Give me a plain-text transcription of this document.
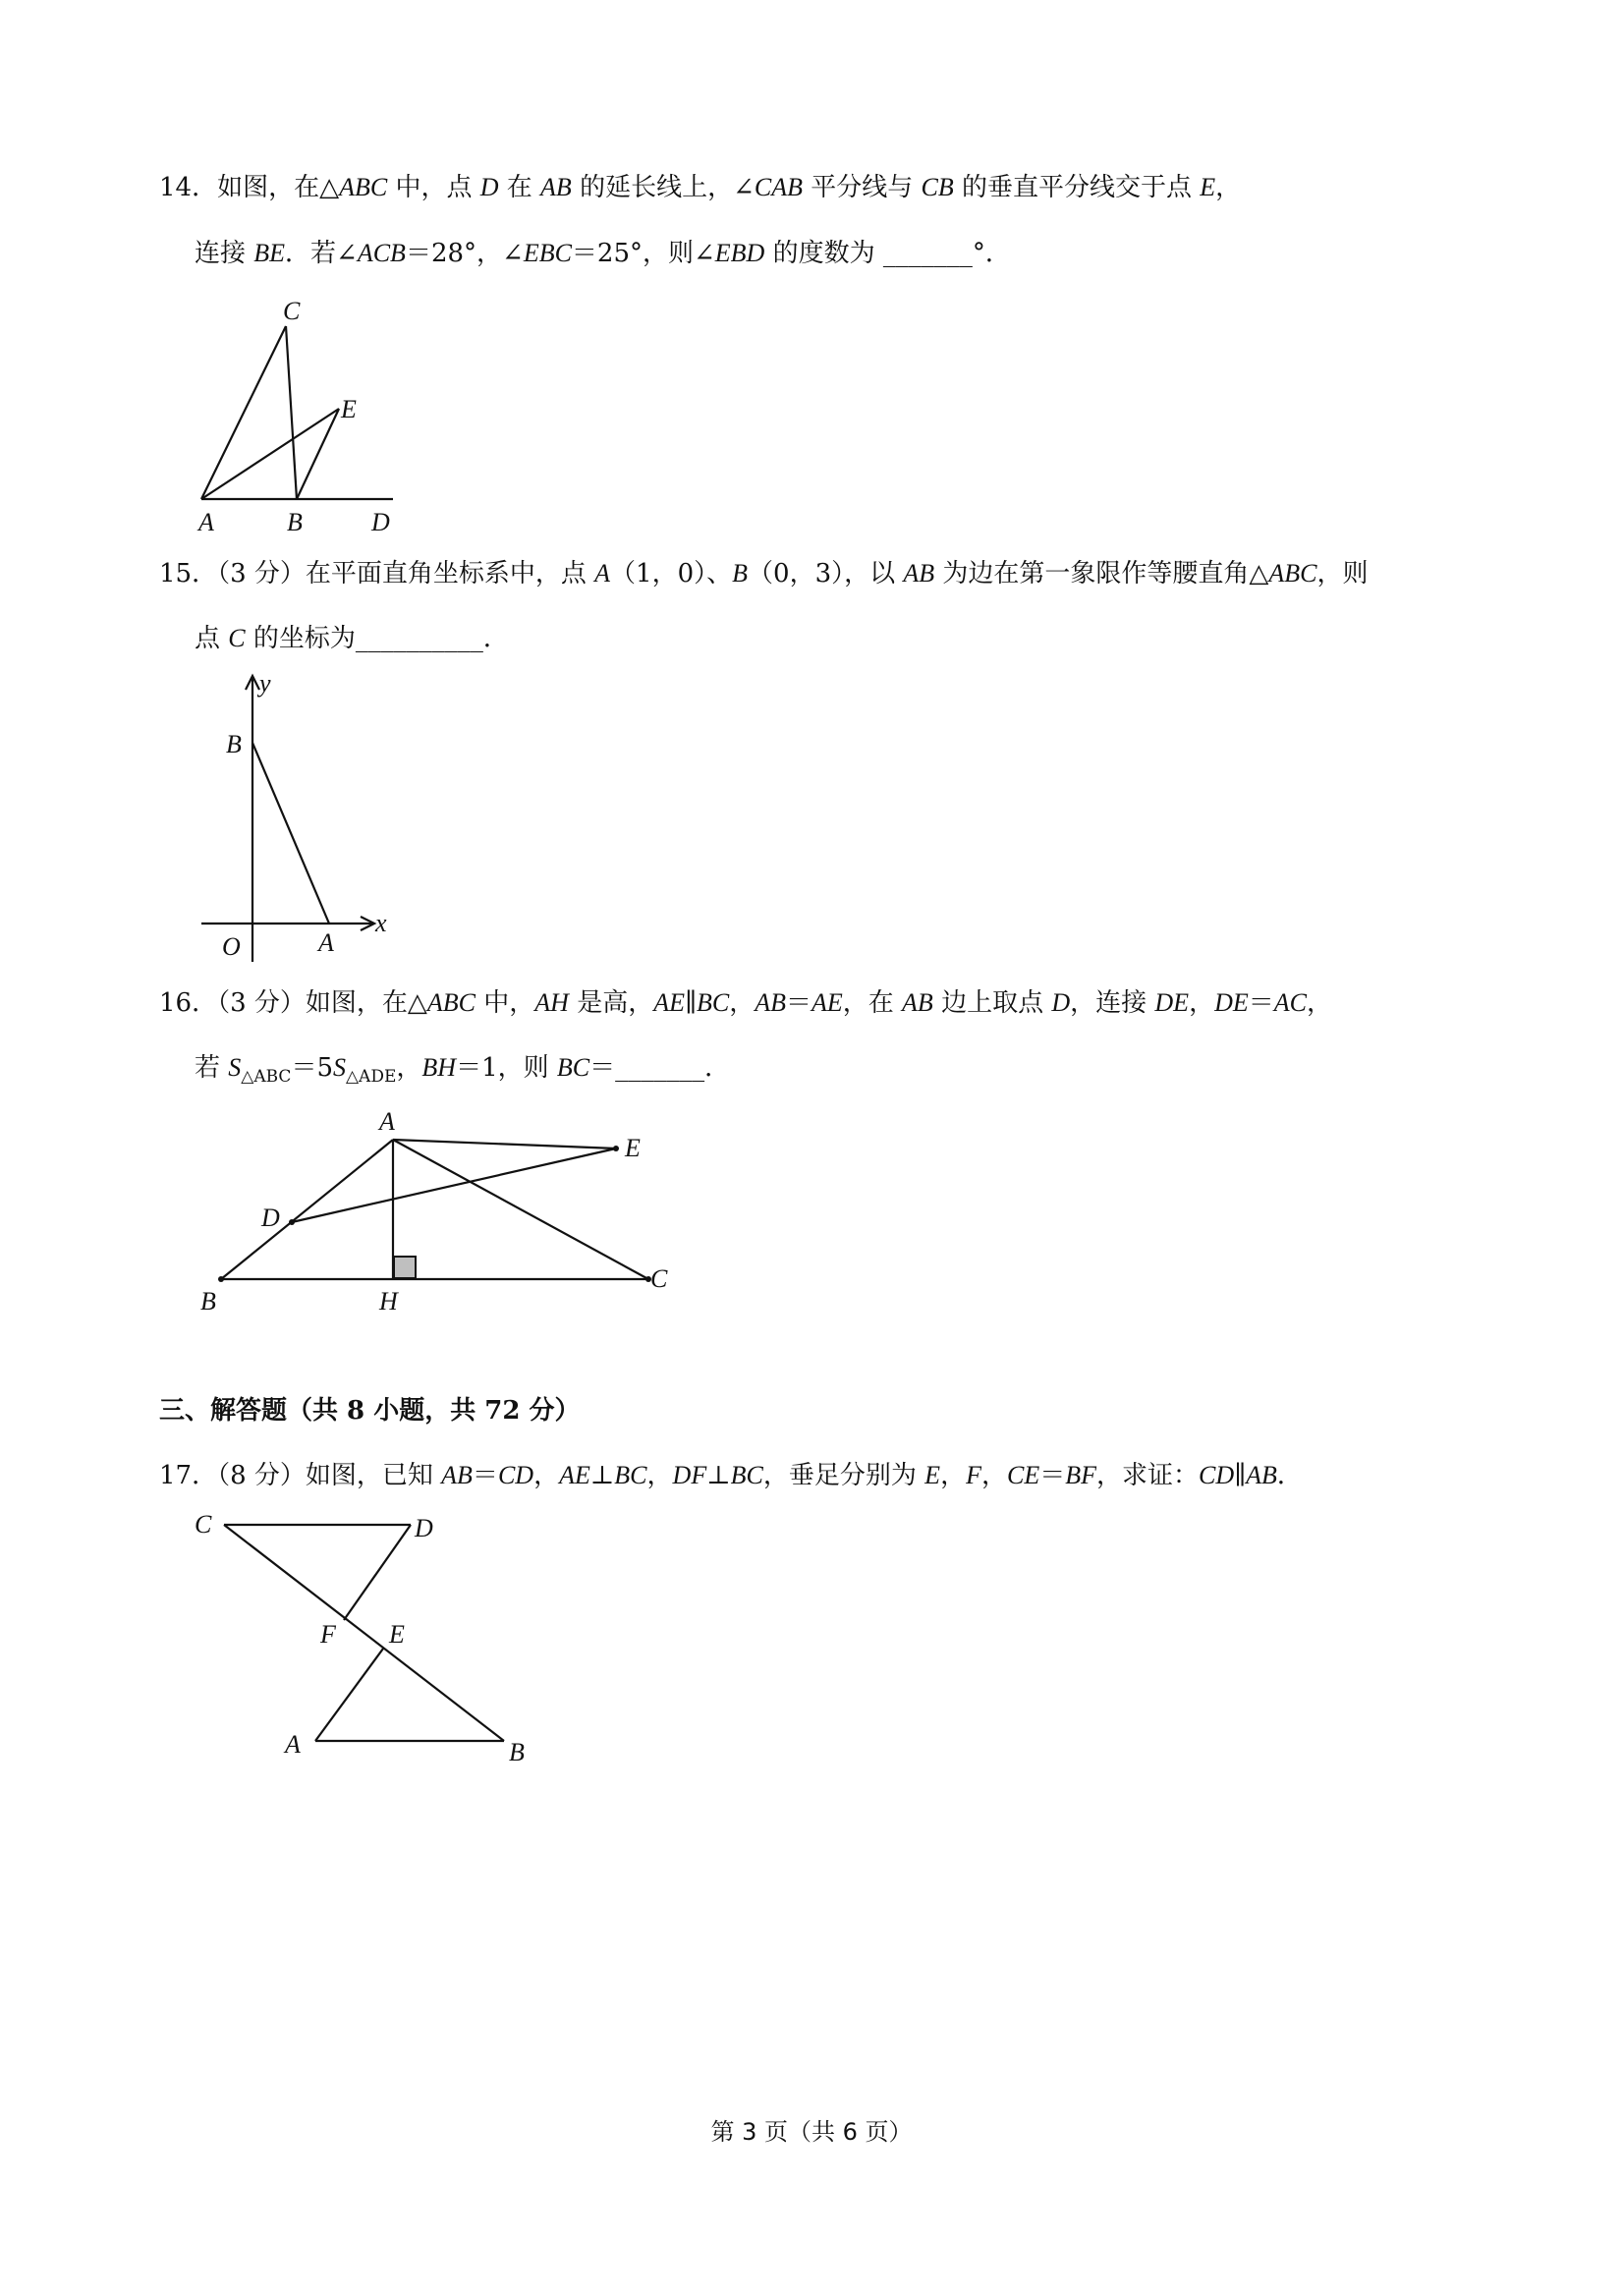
14．如图，在△ABC 中，点 D 在 AB 的延长线上，∠CAB 平分线与 CB 的垂直平分线交于点 E，
连接 BE．若∠ACB＝28°，∠EBC＝25°，则∠EBD 的度数为 _______°．
C
E
A	B	D
15．（3 分）在平面直角坐标系中，点 A（1，0）、B（0，3），以 AB 为边在第一象限作等腰直角△ABC，则
点 C 的坐标为__________．
y
B
O	A
x
16．（3 分）如图，在△ABC 中，AH 是高，AE∥BC，AB＝AE，在 AB 边上取点 D，连接 DE，DE＝AC，
若 $S_{\triangle ABC}=5S_{\triangle ADE}$，BH＝1，则 BC＝_______．
A
E
D
B	H
C
三、解答题（共 8 小题，共 72 分）
17．（8 分）如图，已知 AB＝CD，AE⊥BC，DF⊥BC，垂足分别为 E，F，CE＝BF，求证：CD∥AB．
C	D
F E
A	B
第 3 页（共 6 页）
